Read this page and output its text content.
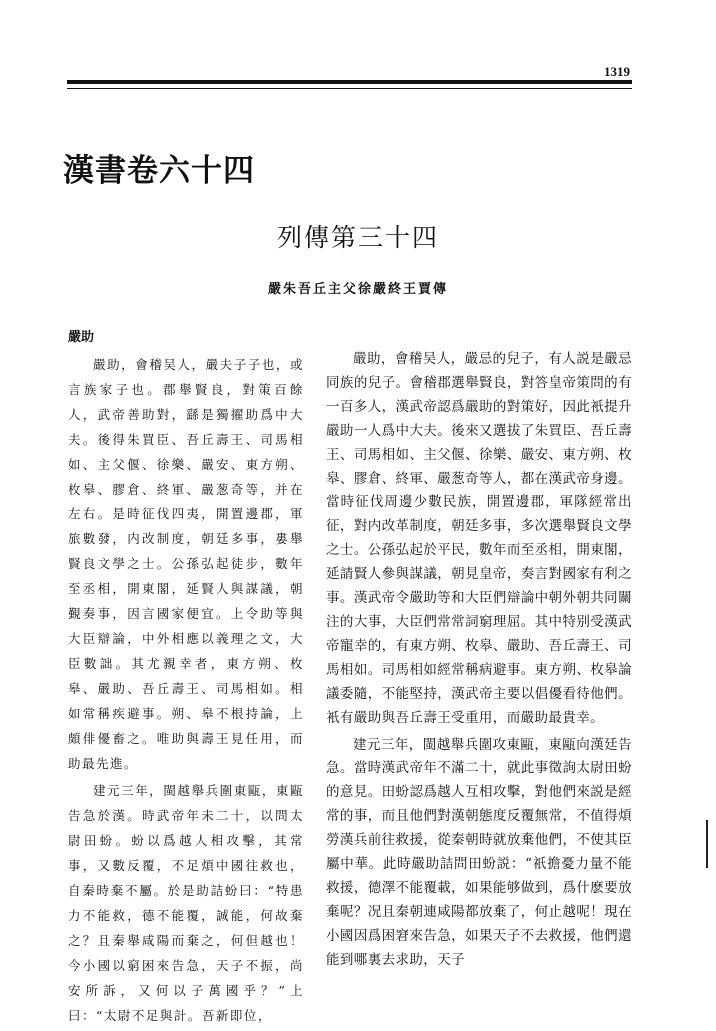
1319
漢書卷六十四
列傳第三十四
嚴朱吾丘主父徐嚴終王賈傳
嚴助

嚴助，會稽吴人，嚴夫子子也，或言族家子也。郡舉賢良，對策百餘人，武帝善助對，繇是獨擢助爲中大夫。後得朱買臣、吾丘壽王、司馬相如、主父偃、徐樂、嚴安、東方朔、枚皋、膠倉、終軍、嚴葱奇等，并在左右。是時征伐四夷，開置邊郡，軍旅數發，内改制度，朝廷多事，婁舉賢良文學之士。公孫弘起徒步，數年至丞相，開東閣，延賢人與謀議，朝覲奏事，因言國家便宜。上令助等與大臣辯論，中外相應以義理之文，大臣數詘。其尤親幸者，東方朔、枚皋、嚴助、吾丘壽王、司馬相如。相如常稱疾避事。朔、皋不根持論，上頗俳優畜之。唯助與壽王見任用，而助最先進。

建元三年，閩越舉兵圍東甌，東甌告急於漢。時武帝年未二十，以問太尉田蚡。蚡以爲越人相攻擊，其常事，又數反覆，不足煩中國往救也，自秦時棄不屬。於是助詰蚡曰：“特患力不能救，德不能覆，誠能，何故棄之？且秦舉咸陽而棄之，何但越也！今小國以窮困來告急，天子不振，尚安所訴，又何以子萬國乎？”上曰：“太尉不足與計。吾新即位，

嚴助，會稽吴人，嚴忌的兒子，有人説是嚴忌同族的兒子。會稽郡選舉賢良，對答皇帝策問的有一百多人，漢武帝認爲嚴助的對策好，因此衹提升嚴助一人爲中大夫。後來又選拔了朱買臣、吾丘壽王、司馬相如、主父偃、徐樂、嚴安、東方朔、枚皋、膠倉、終軍、嚴葱奇等人，都在漢武帝身邊。當時征伐周邊少數民族，開置邊郡，軍隊經常出征，對内改革制度，朝廷多事，多次選舉賢良文學之士。公孫弘起於平民，數年而至丞相，開東閣，延請賢人參與謀議，朝見皇帝，奏言對國家有利之事。漢武帝令嚴助等和大臣們辯論中朝外朝共同關注的大事，大臣們常常詞窮理屈。其中特别受漢武帝寵幸的，有東方朔、枚皋、嚴助、吾丘壽王、司馬相如。司馬相如經常稱病避事。東方朔、枚皋論議委隨，不能堅持，漢武帝主要以倡優看待他們。衹有嚴助與吾丘壽王受重用，而嚴助最貴幸。

建元三年，閩越舉兵圍攻東甌，東甌向漢廷告急。當時漢武帝年不滿二十，就此事徵詢太尉田蚡的意見。田蚡認爲越人互相攻擊，對他們來説是經常的事，而且他們對漢朝態度反覆無常，不值得煩勞漢兵前往救援，從秦朝時就放棄他們，不使其臣屬中華。此時嚴助詰問田蚡説：“祇擔憂力量不能救援，德澤不能覆載，如果能够做到，爲什麽要放棄呢？况且秦朝連咸陽都放棄了，何止越呢！現在小國因爲困窘來告急，如果天子不去救援，他們還能到哪裏去求助，天子
